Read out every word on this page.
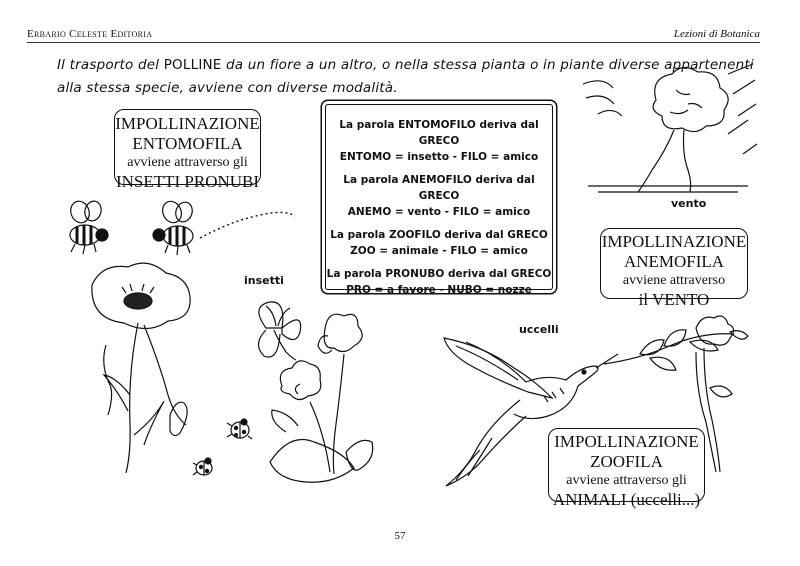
Erbario Celeste Editoria	Lezioni di Botanica
Il trasporto del POLLINE da un fiore a un altro, o nella stessa pianta o in piante diverse appartenenti alla stessa specie, avviene con diverse modalità.
IMPOLLINAZIONE
ENTOMOFILA
avviene attraverso gli
INSETTI PRONUBI
La parola ENTOMOFILO deriva dal GRECO
ENTOMO = insetto - FILO = amico
La parola ANEMOFILO deriva dal GRECO
ANEMO = vento - FILO = amico
La parola ZOOFILO deriva dal GRECO
ZOO = animale - FILO = amico
La parola PRONUBO deriva dal GRECO
PRO = a favore - NUBO = nozze
IMPOLLINAZIONE
ANEMOFILA
avviene attraverso
il VENTO
IMPOLLINAZIONE
ZOOFILA
avviene attraverso gli
ANIMALI (uccelli...)
insetti
vento
uccelli
57
